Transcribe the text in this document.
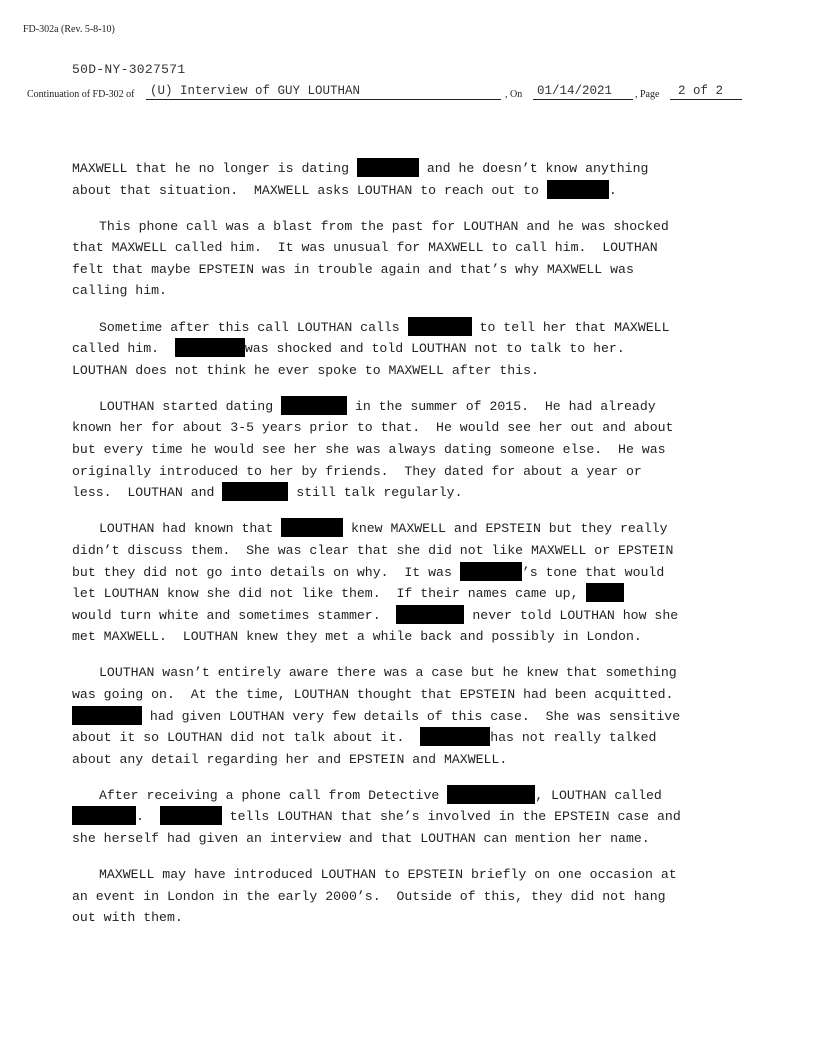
FD-302a (Rev. 5-8-10)
50D-NY-3027571
Continuation of FD-302 of	(U) Interview of GUY LOUTHAN	, On	01/14/2021	, Page	2 of 2
MAXWELL that he no longer is dating	and he doesn’t know anything
about that situation.  MAXWELL asks LOUTHAN to reach out to	.
This phone call was a blast from the past for LOUTHAN and he was shocked
that MAXWELL called him.  It was unusual for MAXWELL to call him.  LOUTHAN
felt that maybe EPSTEIN was in trouble again and that’s why MAXWELL was
calling him.
Sometime after this call LOUTHAN calls	to tell her that MAXWELL
called him.	was shocked and told LOUTHAN not to talk to her.
LOUTHAN does not think he ever spoke to MAXWELL after this.
LOUTHAN started dating	in the summer of 2015.  He had already
known her for about 3-5 years prior to that.  He would see her out and about
but every time he would see her she was always dating someone else.  He was
originally introduced to her by friends.  They dated for about a year or
less.  LOUTHAN and	still talk regularly.
LOUTHAN had known that	knew MAXWELL and EPSTEIN but they really
didn’t discuss them.  She was clear that she did not like MAXWELL or EPSTEIN
but they did not go into details on why.  It was	’s tone that would
let LOUTHAN know she did not like them.  If their names came up,
would turn white and sometimes stammer.	never told LOUTHAN how she
met MAXWELL.  LOUTHAN knew they met a while back and possibly in London.
LOUTHAN wasn’t entirely aware there was a case but he knew that something
was going on.  At the time, LOUTHAN thought that EPSTEIN had been acquitted.
had given LOUTHAN very few details of this case.  She was sensitive
about it so LOUTHAN did not talk about it.	has not really talked
about any detail regarding her and EPSTEIN and MAXWELL.
After receiving a phone call from Detective	, LOUTHAN called
.	tells LOUTHAN that she’s involved in the EPSTEIN case and
she herself had given an interview and that LOUTHAN can mention her name.
MAXWELL may have introduced LOUTHAN to EPSTEIN briefly on one occasion at
an event in London in the early 2000’s.  Outside of this, they did not hang
out with them.
